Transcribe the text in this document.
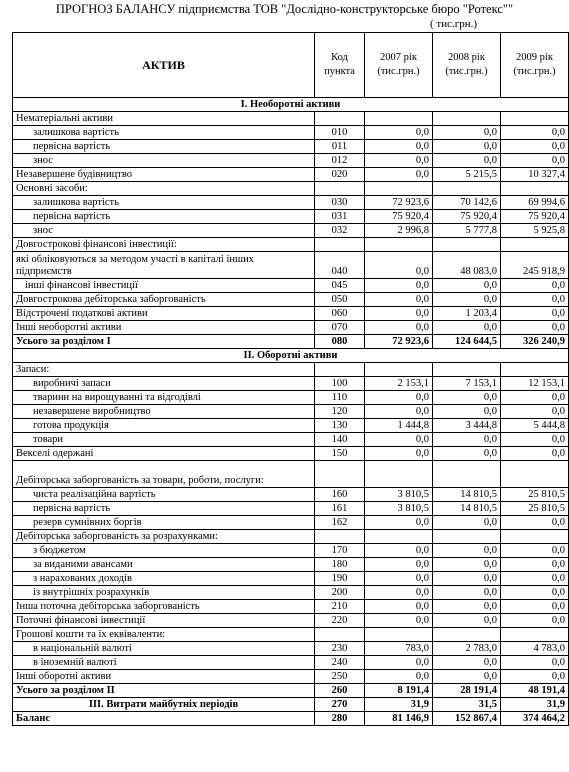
ПРОГНОЗ БАЛАНСУ підприємства ТОВ "Дослідно-конструкторське бюро "Ротекс""
( тис.грн.)
АКТИВ	Код пункта	2007 рік (тис.грн.)	2008 рік (тис.грн.)	2009 рік (тис.грн.)
І. Необоротні активи				
Нематеріальні активи				
залишкова вартість	010	0,0	0,0	0,0
первісна вартість	011	0,0	0,0	0,0
знос	012	0,0	0,0	0,0
Незавершене будівництво	020	0,0	5 215,5	10 327,4
Основні засоби:				
залишкова вартість	030	72 923,6	70 142,6	69 994,6
первісна вартість	031	75 920,4	75 920,4	75 920,4
знос	032	2 996,8	5 777,8	5 925,8
Довгострокові фінансові інвестиції:				
які обліковуються за методом участі в капіталі інших підприємств	040	0,0	48 083,0	245 918,9
інші фінансові інвестиції	045	0,0	0,0	0,0
Довгострокова дебіторська заборгованість	050	0,0	0,0	0,0
Відстрочені податкові активи	060	0,0	1 203,4	0,0
Інші необоротні активи	070	0,0	0,0	0,0
Усього за розділом І	080	72 923,6	124 644,5	326 240,9
ІІ. Оборотні активи				
Запаси:				
виробничі запаси	100	2 153,1	7 153,1	12 153,1
тварини на вирощуванні та відгодівлі	110	0,0	0,0	0,0
незавершене виробництво	120	0,0	0,0	0,0
готова продукція	130	1 444,8	3 444,8	5 444,8
товари	140	0,0	0,0	0,0
Векселі одержані	150	0,0	0,0	0,0
Дебіторська заборгованість за товари, роботи, послуги:				
чиста реалізаційна вартість	160	3 810,5	14 810,5	25 810,5
первісна вартість	161	3 810,5	14 810,5	25 810,5
резерв сумнівних боргів	162	0,0	0,0	0,0
Дебіторська заборгованість за розрахунками:				
з бюджетом	170	0,0	0,0	0,0
за виданими авансами	180	0,0	0,0	0,0
з нарахованих доходів	190	0,0	0,0	0,0
із внутрішніх розрахунків	200	0,0	0,0	0,0
Інша поточна дебіторська заборгованість	210	0,0	0,0	0,0
Поточні фінансові інвестиції	220	0,0	0,0	0,0
Грошові кошти та їх еквіваленти:				
в національній валюті	230	783,0	2 783,0	4 783,0
в іноземній валюті	240	0,0	0,0	0,0
Інші оборотні активи	250	0,0	0,0	0,0
Усього за розділом ІІ	260	8 191,4	28 191,4	48 191,4
ІІІ. Витрати майбутніх періодів	270	31,9	31,5	31,9
Баланс	280	81 146,9	152 867,4	374 464,2
